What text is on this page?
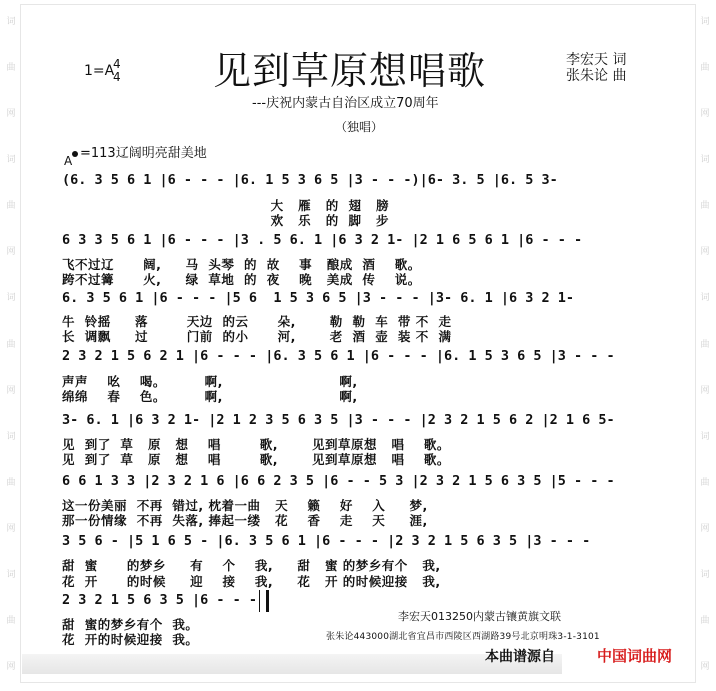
词
曲
网
词
曲
网
词
曲
网
词
曲
网
词
曲
网
词
曲
网
词
曲
网
词
曲
网
词
曲
网
词
曲
网
1=A
4
4 见到草原想唱歌	李宏天 词
张朱论 曲
---庆祝内蒙古自治区成立70周年
（独唱）
=113辽阔明亮甜美地
A
(6. 3 5 6 1 |6 - - - |6. 1 5 3 6 5 |3 - - -)|6- 3. 5 |6. 5 3-
大   雁   的  翅   膀
欢   乐   的  脚   步
6 3 3 5 6 1 |6 - - - |3 . 5 6. 1 |6 3 2 1- |2 1 6 5 6 1 |6 - - -
飞不过辽      阔,     马  头琴  的  故    事   酿成  酒    歌。
跨不过篝      火,     绿  草地  的  夜    晚   美成  传    说。
6. 3 5 6 1 |6 - - - |5 6  1 5 3 6 5 |3 - - - |3- 6. 1 |6 3 2 1-
牛  铃摇     落        天边  的云      朵,       勒  勒  车  带 不  走
长  调飘     过        门前  的小      河,       老  酒  壶  装 不  满
2 3 2 1 5 6 2 1 |6 - - - |6. 3 5 6 1 |6 - - - |6. 1 5 3 6 5 |3 - - -
声声    吆    喝。        啊,                        啊,
绵绵    春    色。        啊,                        啊,
3- 6. 1 |6 3 2 1- |2 1 2 3 5 6 3 5 |3 - - - |2 3 2 1 5 6 2 |2 1 6 5-
见  到了  草   原   想    唱        歌,       见到草原想   唱    歌。
见  到了  草   原   想    唱        歌,       见到草原想   唱    歌。
6 6 1 3 3 |2 3 2 1 6 |6 6 2 3 5 |6 - - 5 3 |2 3 2 1 5 6 3 5 |5 - - -
这一份美丽  不再  错过, 枕着一曲   天    籁    好    入     梦,
那一份情缘  不再  失落, 捧起一缕   花    香    走    天     涯,
3 5 6 - |5 1 6 5 - |6. 3 5 6 1 |6 - - - |2 3 2 1 5 6 3 5 |3 - - -
甜  蜜      的梦乡     有    个    我,     甜   蜜 的梦乡有个   我,
花  开      的时候     迎    接    我,     花   开 的时候迎接   我,
2 3 2 1 5 6 3 5 |6 - - -
甜  蜜的梦乡有个  我。
花  开的时候迎接  我。
李宏天013250内蒙古镶黄旗文联
张朱论443000湖北省宜昌市西陵区西湖路39号北京明珠3-1-3101
本曲谱源自	中国词曲网
